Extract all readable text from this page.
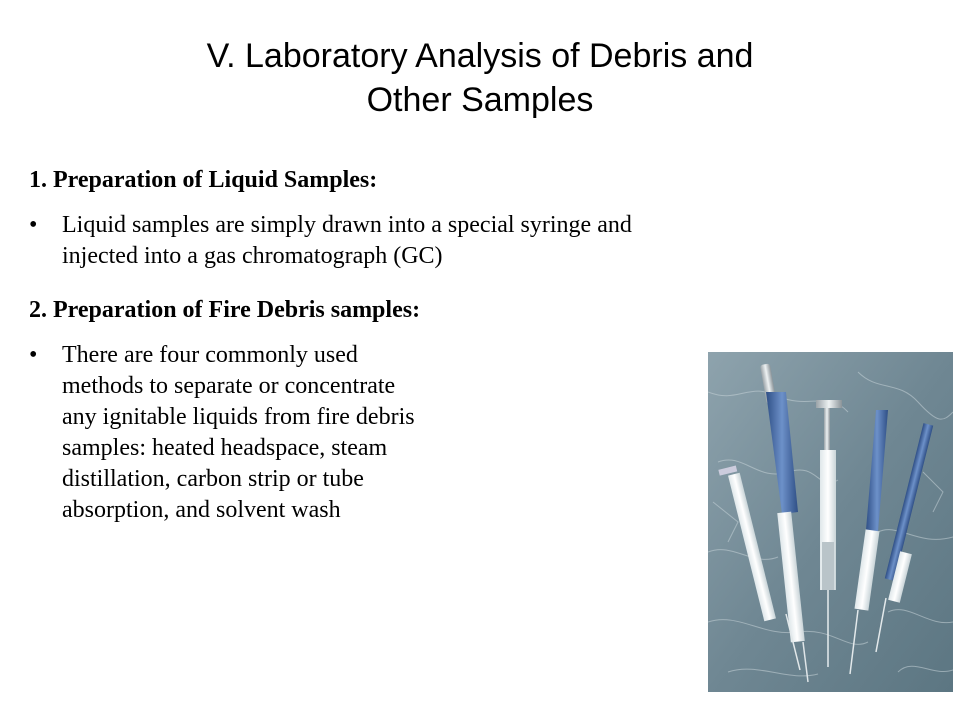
V. Laboratory Analysis of Debris and
Other Samples
1. Preparation of Liquid Samples:
•	Liquid samples are simply drawn into a special syringe and
injected into a gas chromatograph (GC)
2. Preparation of Fire Debris samples:
•	There are four commonly used
methods to separate or concentrate
any ignitable liquids from fire debris
samples: heated headspace, steam
distillation, carbon strip or tube
absorption, and solvent wash
